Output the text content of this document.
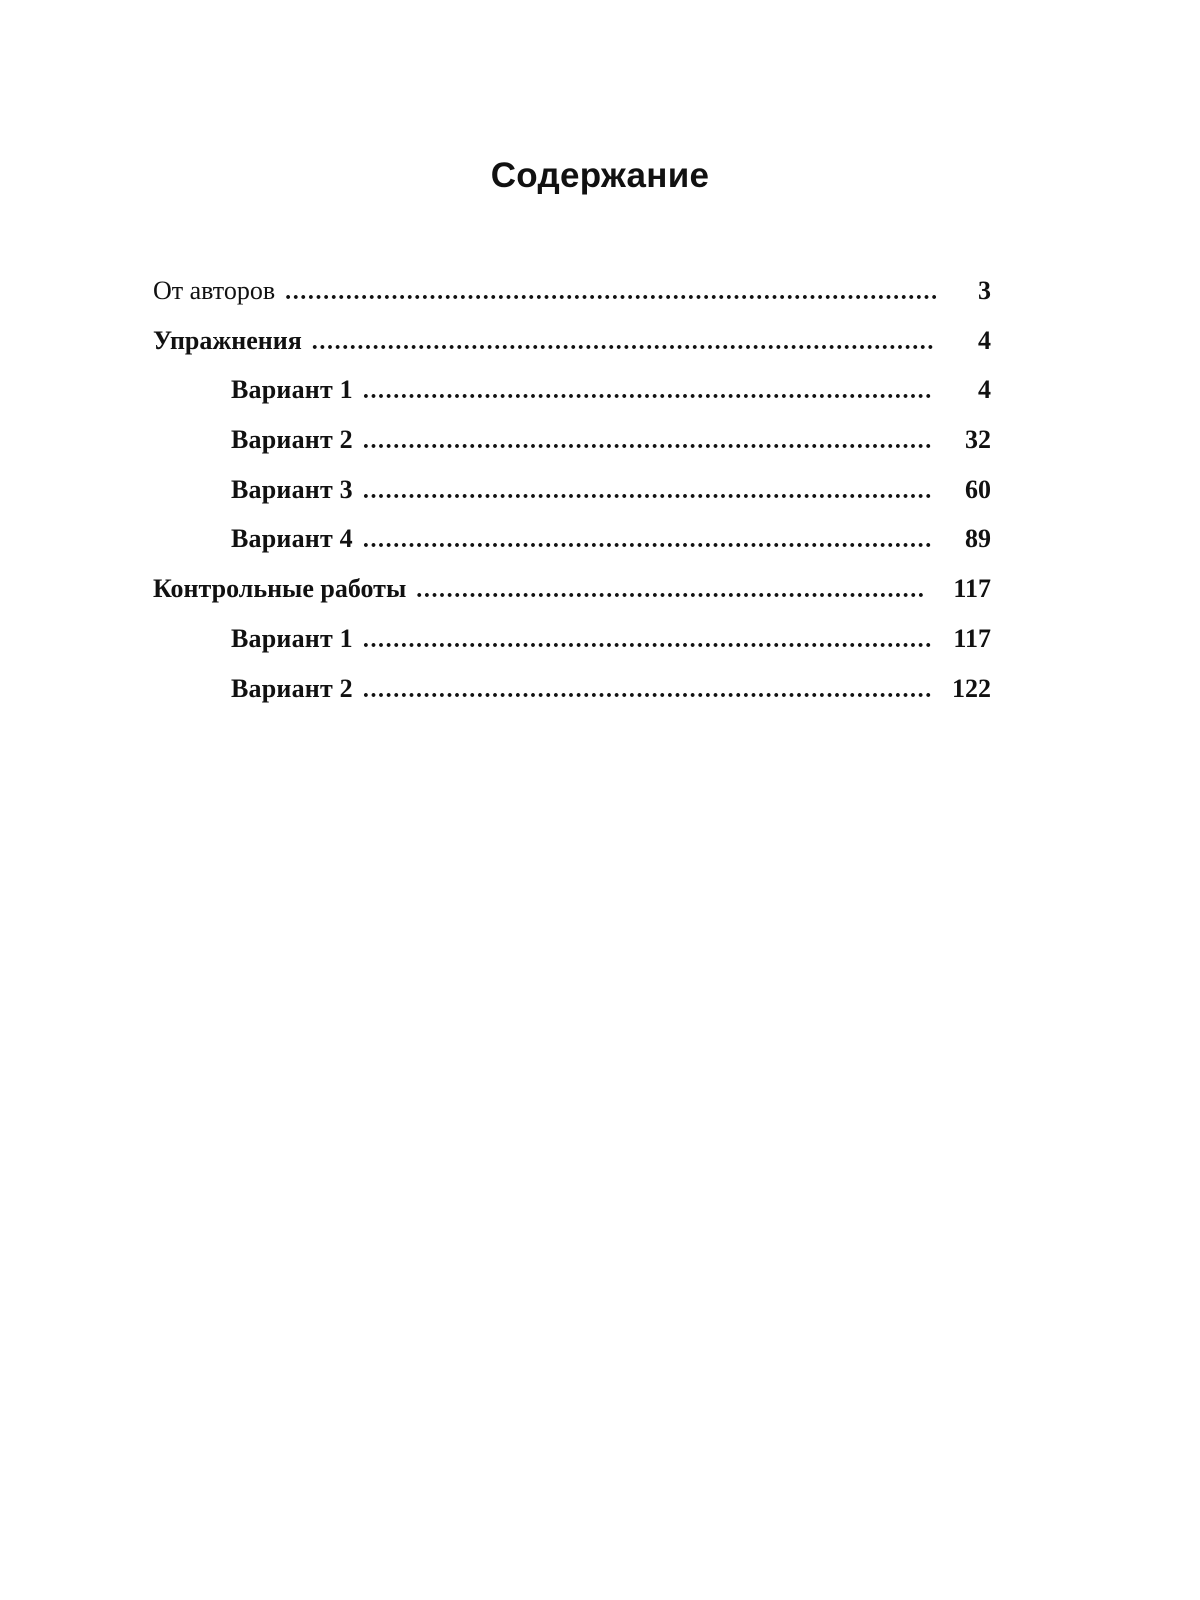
Содержание
От авторов ......................................................................................	3
Упражнения ..................................................................................	4
Вариант 1 ...........................................................................	4
Вариант 2 ...........................................................................	32
Вариант 3 ...........................................................................	60
Вариант 4 ...........................................................................	89
Контрольные работы ...................................................................	117
Вариант 1 ........................................................................... 117
Вариант 2 ........................................................................... 122
